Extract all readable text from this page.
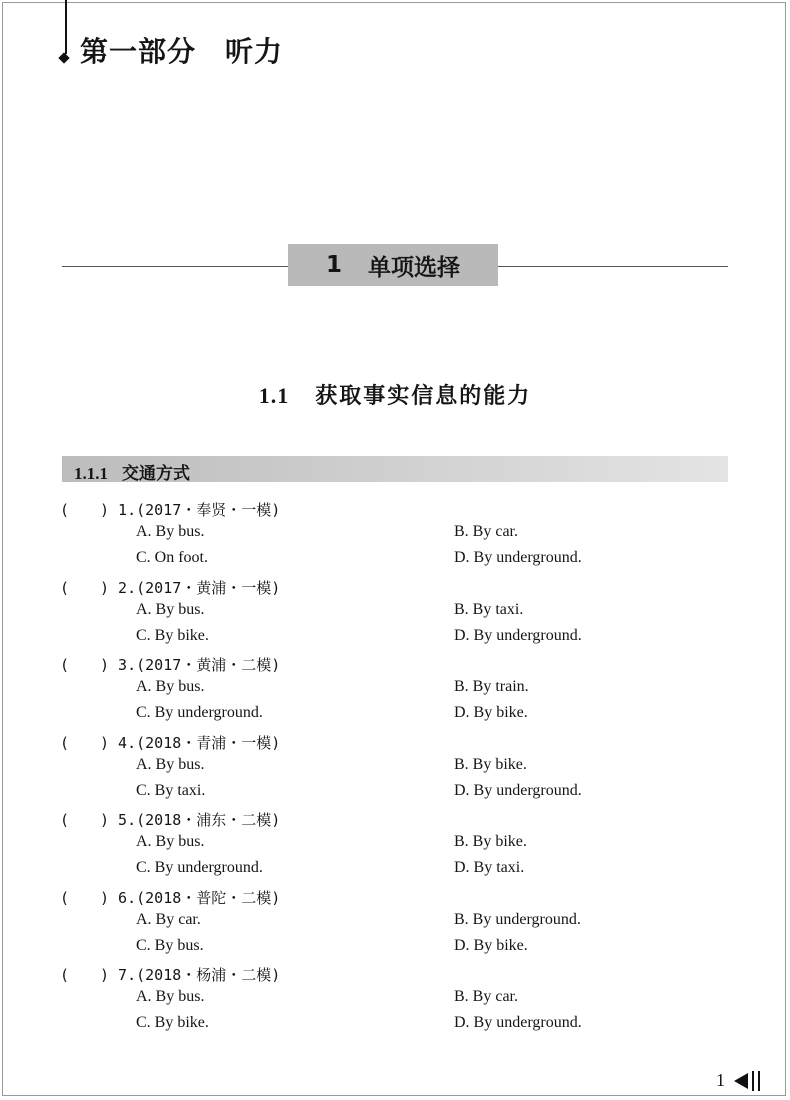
第一部分　听力
1 单项选择
1.1 获取事实信息的能力
1.1.1 交通方式
( ) 1.(2017・奉贤・一模)
A. By bus.	B. By car.
C. On foot.	D. By underground.
( ) 2.(2017・黄浦・一模)
A. By bus.	B. By taxi.
C. By bike.	D. By underground.
( ) 3.(2017・黄浦・二模)
A. By bus.	B. By train.
C. By underground.	D. By bike.
( ) 4.(2018・青浦・一模)
A. By bus.	B. By bike.
C. By taxi.	D. By underground.
( ) 5.(2018・浦东・二模)
A. By bus.	B. By bike.
C. By underground.	D. By taxi.
( ) 6.(2018・普陀・二模)
A. By car.	B. By underground.
C. By bus.	D. By bike.
( ) 7.(2018・杨浦・二模)
A. By bus.	B. By car.
C. By bike.	D. By underground.
1
